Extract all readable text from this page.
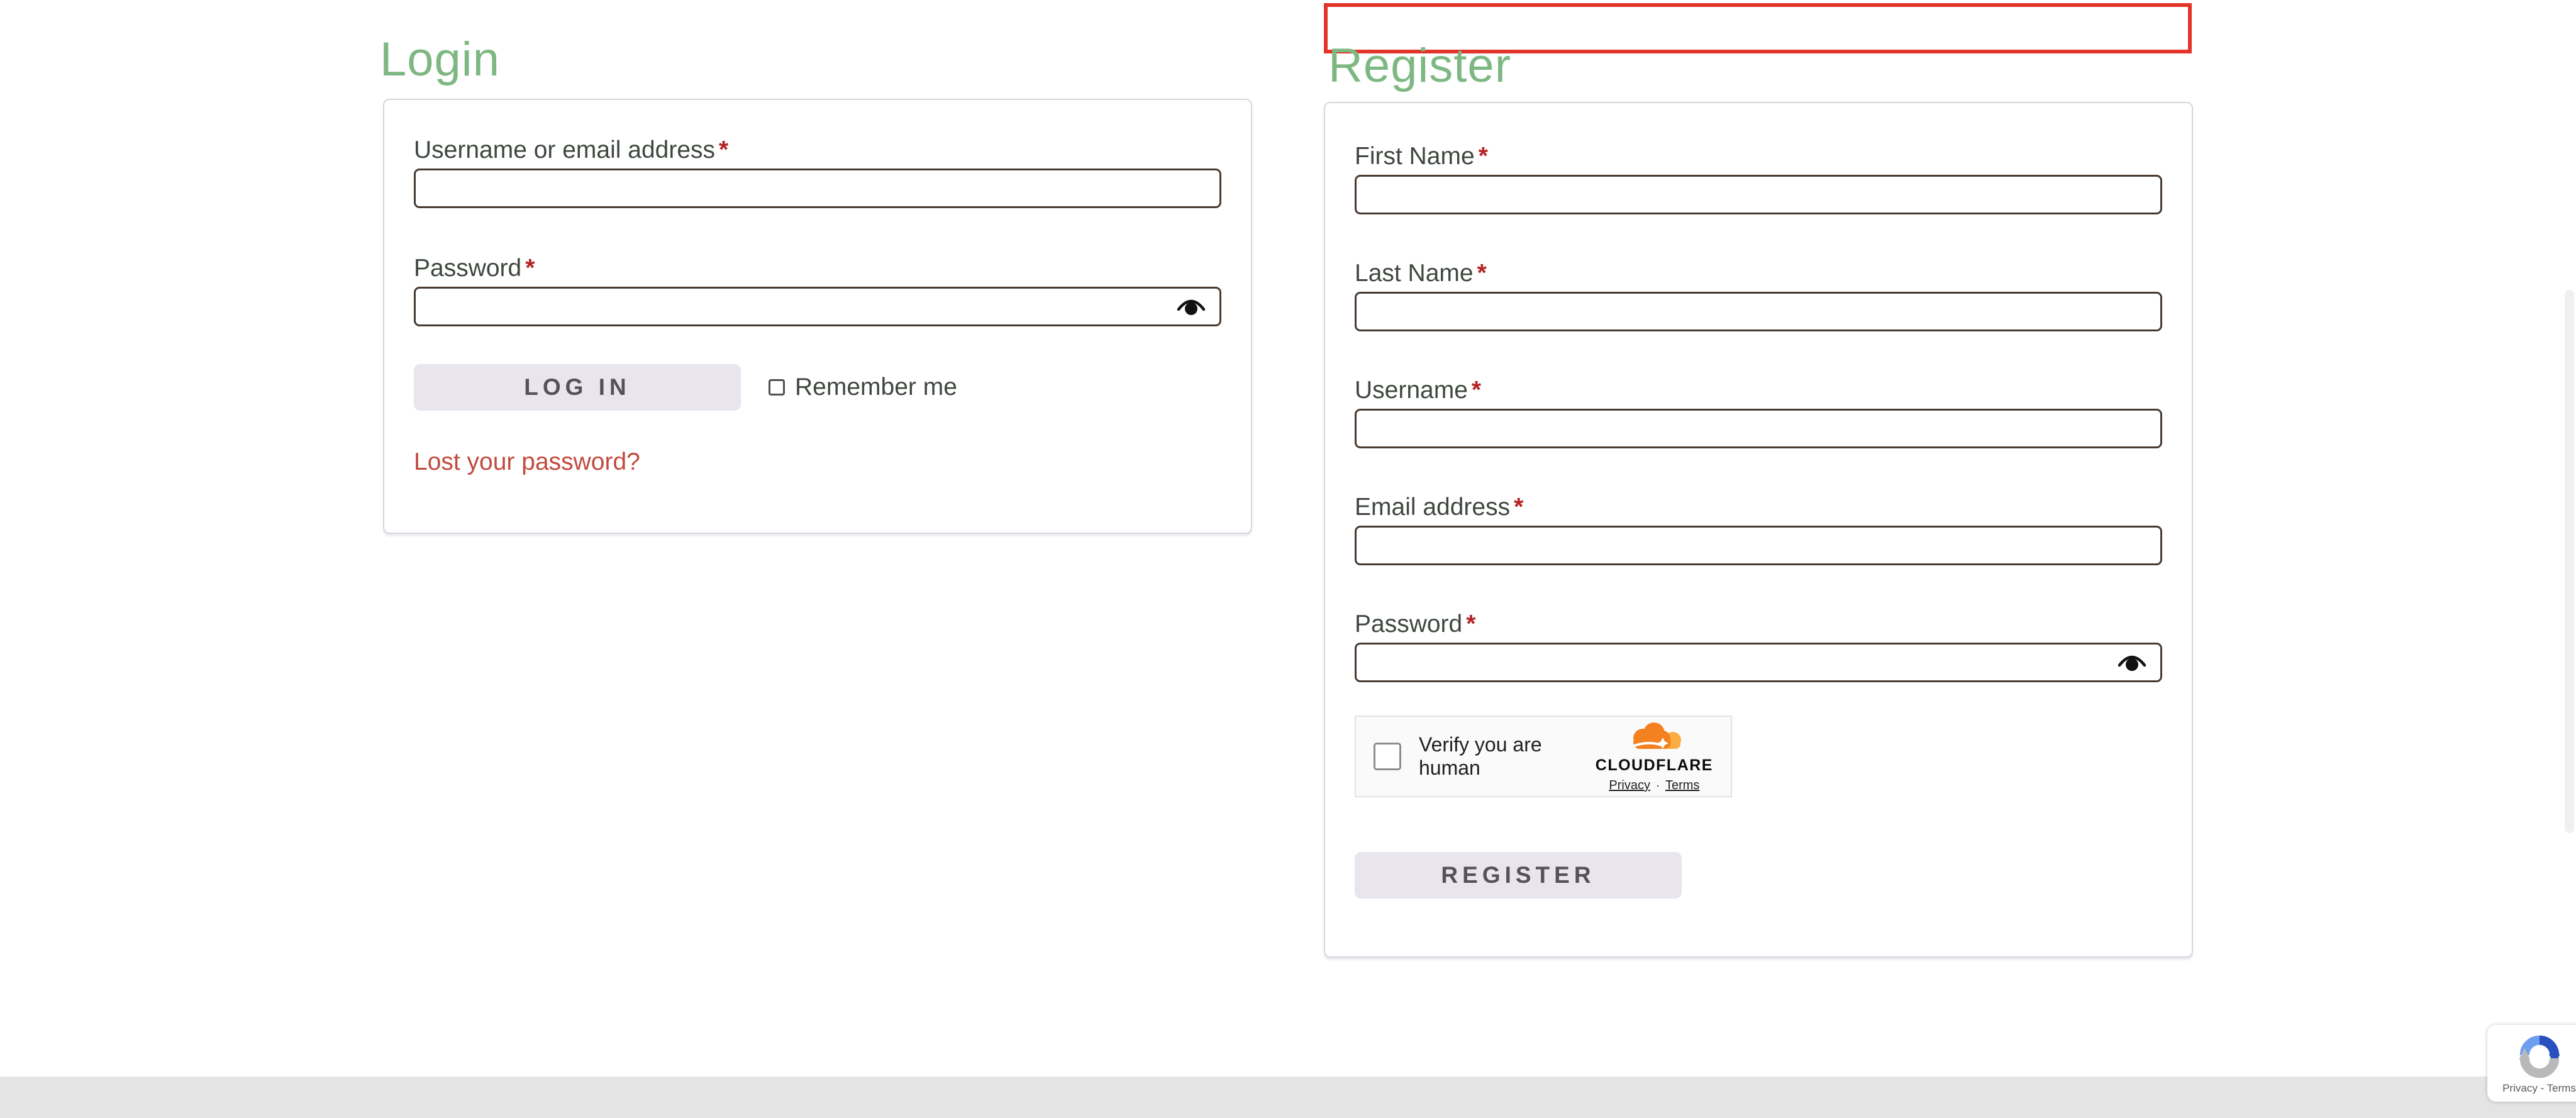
Login	Register
Username or email address *
Password *
LOG IN	Remember me
Lost your password?
First Name *
Last Name *
Username *
Email address *
Password *
Verify you are human	CLOUDFLARE
Privacy · Terms
REGISTER
Privacy - Terms
